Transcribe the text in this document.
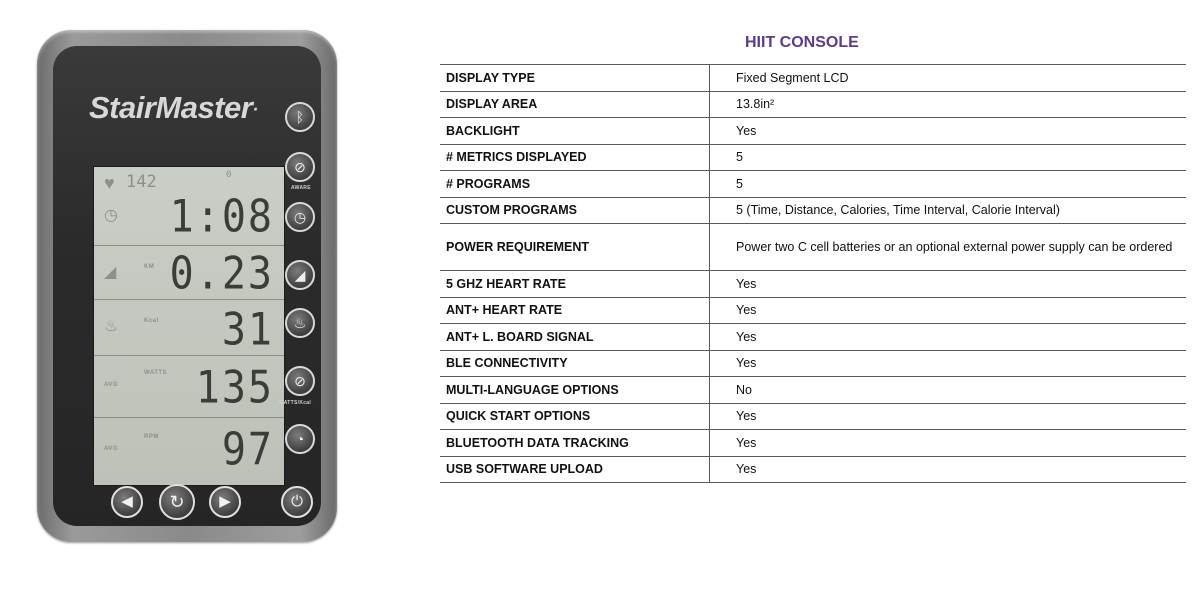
StairMaster·
♥ 142	0
◷ 1:08
◢	KM 0.23
♨	Kcal 31
AVG
WATTS 135
AVG
RPM 97
ᛒ
⊘
AWARE
◷
◢
♨
⊘
WATTS/Kcal
◔
◀	↻	▶	⏻
HIIT CONSOLE
DISPLAY TYPE	Fixed Segment LCD
DISPLAY AREA	13.8in²
BACKLIGHT	Yes
# METRICS DISPLAYED	5
# PROGRAMS	5
CUSTOM PROGRAMS	5 (Time, Distance, Calories, Time Interval, Calorie Interval)
POWER REQUIREMENT	Power two C cell batteries or an optional external power supply can be ordered
5 GHZ HEART RATE	Yes
ANT+ HEART RATE	Yes
ANT+ L. BOARD SIGNAL	Yes
BLE CONNECTIVITY	Yes
MULTI-LANGUAGE OPTIONS	No
QUICK START OPTIONS	Yes
BLUETOOTH DATA TRACKING	Yes
USB SOFTWARE UPLOAD	Yes
